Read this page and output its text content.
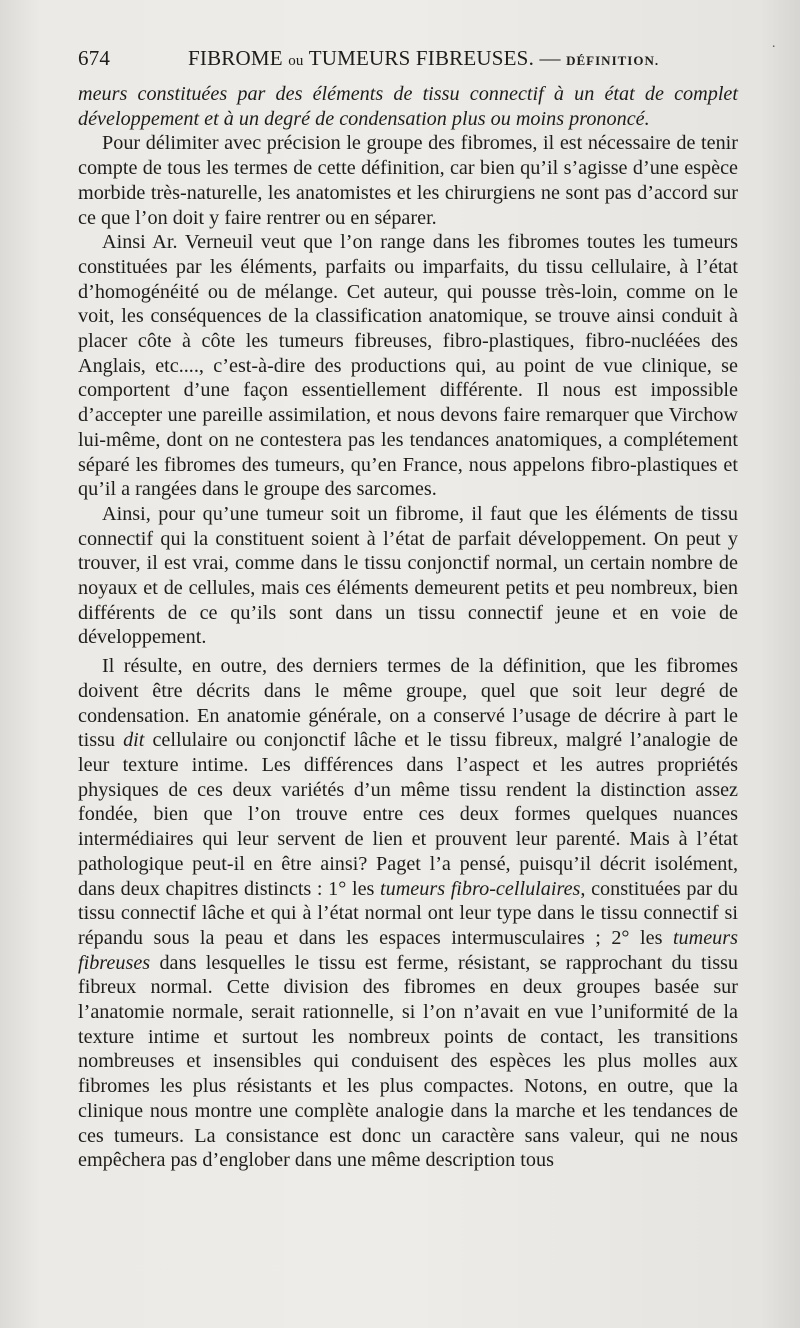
674	FIBROME ou TUMEURS FIBREUSES. — DÉFINITION.
·

meurs constituées par des éléments de tissu connectif à un état de complet développement et à un degré de condensation plus ou moins prononcé.

Pour délimiter avec précision le groupe des fibromes, il est nécessaire de tenir compte de tous les termes de cette définition, car bien qu’il s’agisse d’une espèce morbide très-naturelle, les anatomistes et les chirurgiens ne sont pas d’accord sur ce que l’on doit y faire rentrer ou en séparer.

Ainsi Ar. Verneuil veut que l’on range dans les fibromes toutes les tumeurs constituées par les éléments, parfaits ou imparfaits, du tissu cellulaire, à l’état d’homogénéité ou de mélange. Cet auteur, qui pousse très-loin, comme on le voit, les conséquences de la classification anatomique, se trouve ainsi conduit à placer côte à côte les tumeurs fibreuses, fibro-plastiques, fibro-nucléées des Anglais, etc...., c’est-à-dire des productions qui, au point de vue clinique, se comportent d’une façon essentiellement différente. Il nous est impossible d’accepter une pareille assimilation, et nous devons faire remarquer que Virchow lui-même, dont on ne contestera pas les tendances anatomiques, a complétement séparé les fibromes des tumeurs, qu’en France, nous appelons fibro-plastiques et qu’il a rangées dans le groupe des sarcomes.

Ainsi, pour qu’une tumeur soit un fibrome, il faut que les éléments de tissu connectif qui la constituent soient à l’état de parfait développement. On peut y trouver, il est vrai, comme dans le tissu conjonctif normal, un certain nombre de noyaux et de cellules, mais ces éléments demeurent petits et peu nombreux, bien différents de ce qu’ils sont dans un tissu connectif jeune et en voie de développement.

Il résulte, en outre, des derniers termes de la définition, que les fibromes doivent être décrits dans le même groupe, quel que soit leur degré de condensation. En anatomie générale, on a conservé l’usage de décrire à part le tissu dit cellulaire ou conjonctif lâche et le tissu fibreux, malgré l’analogie de leur texture intime. Les différences dans l’aspect et les autres propriétés physiques de ces deux variétés d’un même tissu rendent la distinction assez fondée, bien que l’on trouve entre ces deux formes quelques nuances intermédiaires qui leur servent de lien et prouvent leur parenté. Mais à l’état pathologique peut-il en être ainsi? Paget l’a pensé, puisqu’il décrit isolément, dans deux chapitres distincts : 1° les tumeurs fibro-cellulaires, constituées par du tissu connectif lâche et qui à l’état normal ont leur type dans le tissu connectif si répandu sous la peau et dans les espaces intermusculaires ; 2° les tumeurs fibreuses dans lesquelles le tissu est ferme, résistant, se rapprochant du tissu fibreux normal. Cette division des fibromes en deux groupes basée sur l’anatomie normale, serait rationnelle, si l’on n’avait en vue l’uniformité de la texture intime et surtout les nombreux points de contact, les transitions nombreuses et insensibles qui conduisent des espèces les plus molles aux fibromes les plus résistants et les plus compactes. Notons, en outre, que la clinique nous montre une complète analogie dans la marche et les tendances de ces tumeurs. La consistance est donc un caractère sans valeur, qui ne nous empêchera pas d’englober dans une même description tous
